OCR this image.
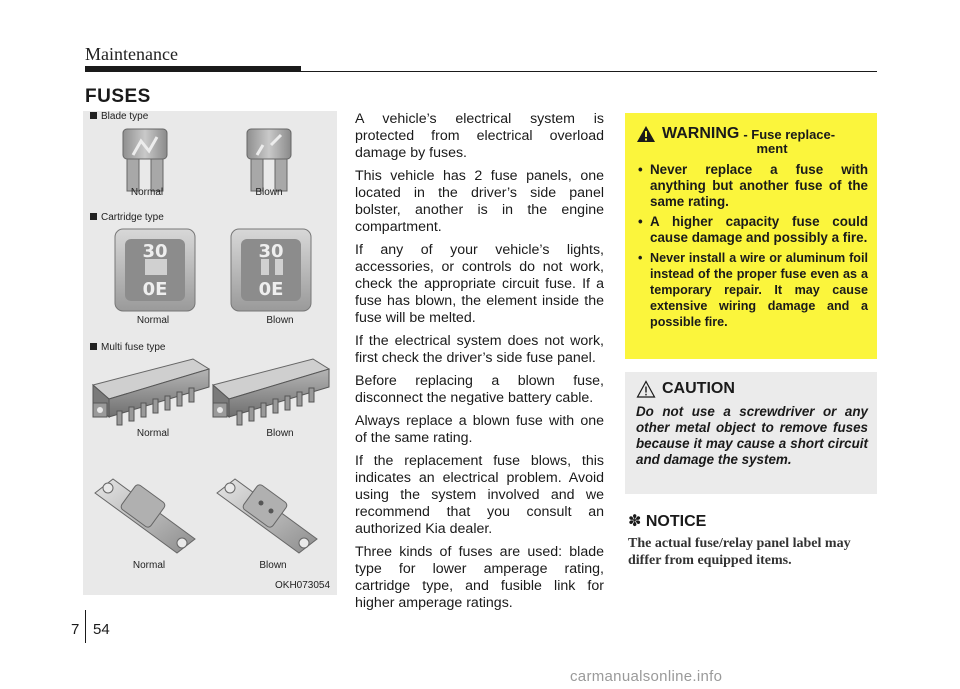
Maintenance
FUSES
30
0E
30
0E
Blade type
Normal	Blown
Cartridge type
Normal	Blown
Multi fuse type
Normal	Blown
Normal	Blown
OKH073054

A vehicle’s electrical system is protected from electrical overload damage by fuses.

This vehicle has 2 fuse panels, one located in the driver’s side panel bolster, another is in the engine compartment.

If any of your vehicle’s lights, accessories, or controls do not work, check the appropriate circuit fuse. If a fuse has blown, the element inside the fuse will be melted.

If the electrical system does not work, first check the driver’s side fuse panel.

Before replacing a blown fuse, disconnect the negative battery cable.

Always replace a blown fuse with one of the same rating.

If the replacement fuse blows, this indicates an electrical problem. Avoid using the system involved and we recommend that you consult an authorized Kia dealer.

Three kinds of fuses are used: blade type for lower amperage rating, cartridge type, and fusible link for higher amperage ratings.

WARNING - Fuse replace-
ment
• Never replace a fuse with anything but another fuse of the same rating.
• A higher capacity fuse could cause damage and possibly a fire.
• Never install a wire or aluminum foil instead of the proper fuse even as a temporary repair. It may cause extensive wiring damage and a possible fire.
CAUTION
Do not use a screwdriver or any other metal object to remove fuses because it may cause a short circuit and damage the system.
✽ NOTICE
The actual fuse/relay panel label may differ from equipped items.
7 54
carmanualsonline.info
